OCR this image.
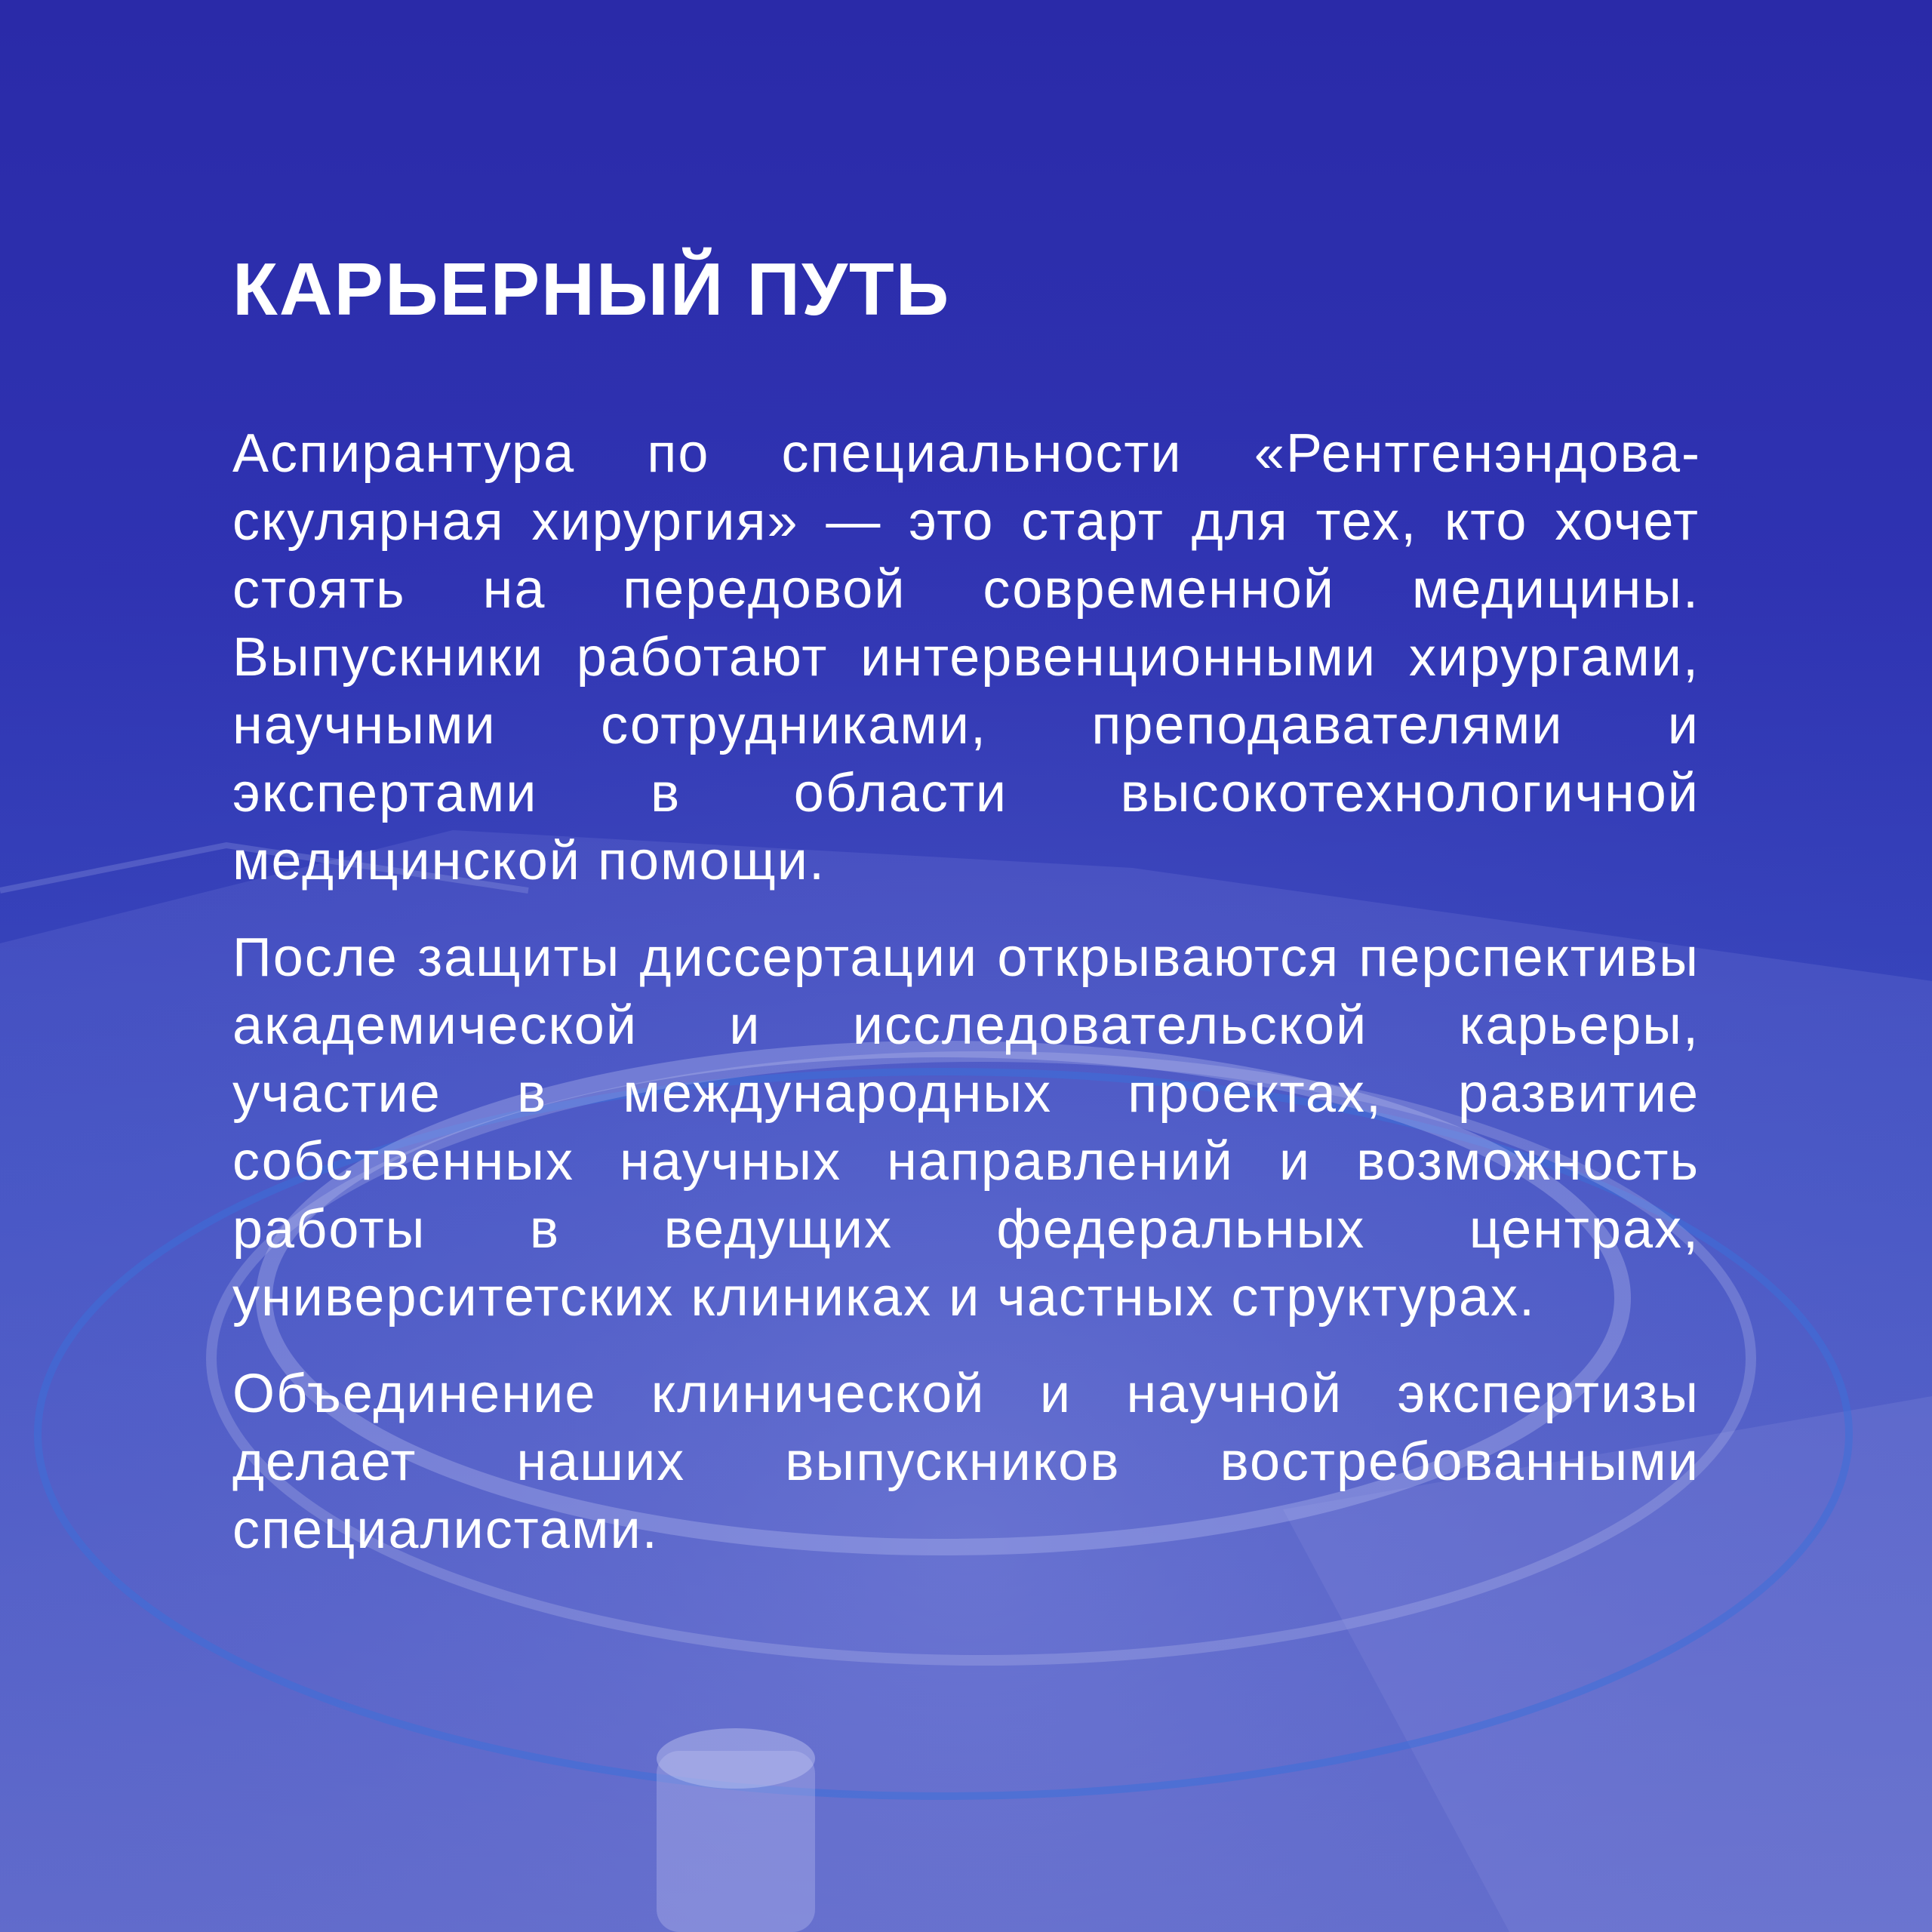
КАРЬЕРНЫЙ ПУТЬ

Аспирантура по специальности «Рентгенэндоваскулярная хирургия» — это старт для тех, кто хочет стоять на передовой современной медицины. Выпускники работают интервенционными хирургами, научными сотрудниками, преподавателями и экспертами в области высокотехнологичной медицинской помощи.

После защиты диссертации открываются перспективы академической и исследовательской карьеры, участие в международных проектах, развитие собственных научных направлений и возможность работы в ведущих федеральных центрах, университетских клиниках и частных структурах.

Объединение клинической и научной экспертизы делает наших выпускников востребованными специалистами.
